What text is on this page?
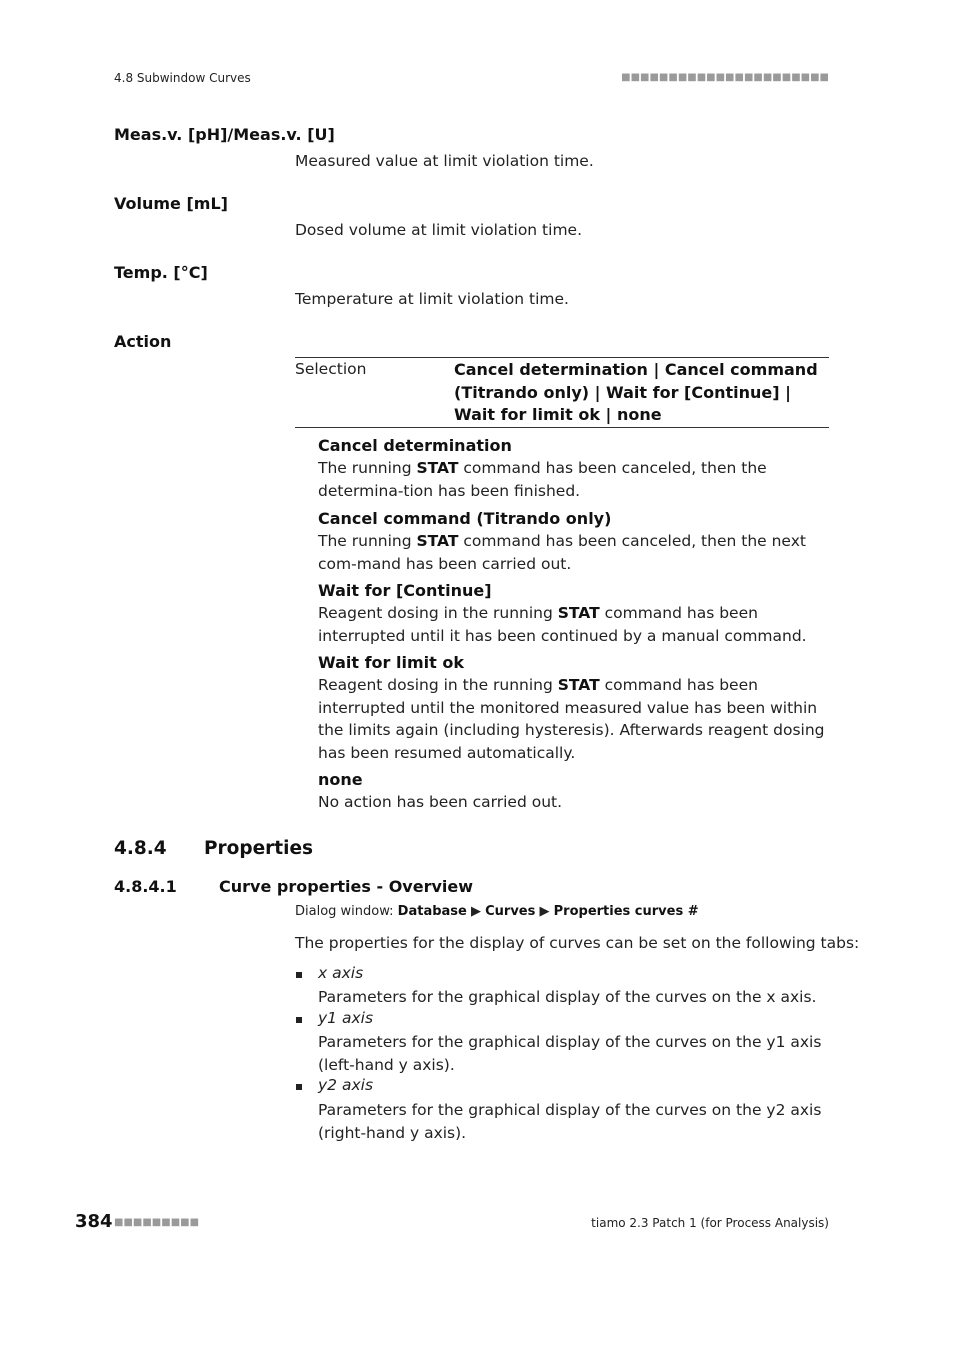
4.8 Subwindow Curves	■■■■■■■■■■■■■■■■■■■■■■
Meas.v. [pH]/Meas.v. [U]
Measured value at limit violation time.
Volume [mL]
Dosed volume at limit violation time.
Temp. [°C]
Temperature at limit violation time.
Action
Selection	Cancel determination | Cancel command (Titrando only) | Wait for [Continue] | Wait for limit ok | none
Cancel determination
The running STAT command has been canceled, then the determina-tion has been finished.
Cancel command (Titrando only)
The running STAT command has been canceled, then the next com-mand has been carried out.
Wait for [Continue]
Reagent dosing in the running STAT command has been interrupted until it has been continued by a manual command.
Wait for limit ok
Reagent dosing in the running STAT command has been interrupted until the monitored measured value has been within the limits again (including hysteresis). Afterwards reagent dosing has been resumed automatically.
none
No action has been carried out.
4.8.4 Properties
4.8.4.1	Curve properties - Overview
Dialog window: Database ▶ Curves ▶ Properties curves #
The properties for the display of curves can be set on the following tabs:
x axis
Parameters for the graphical display of the curves on the x axis.
y1 axis
Parameters for the graphical display of the curves on the y1 axis (left-hand y axis).
y2 axis
Parameters for the graphical display of the curves on the y2 axis (right-hand y axis).
384 ■■■■■■■■■	tiamo 2.3 Patch 1 (for Process Analysis)
